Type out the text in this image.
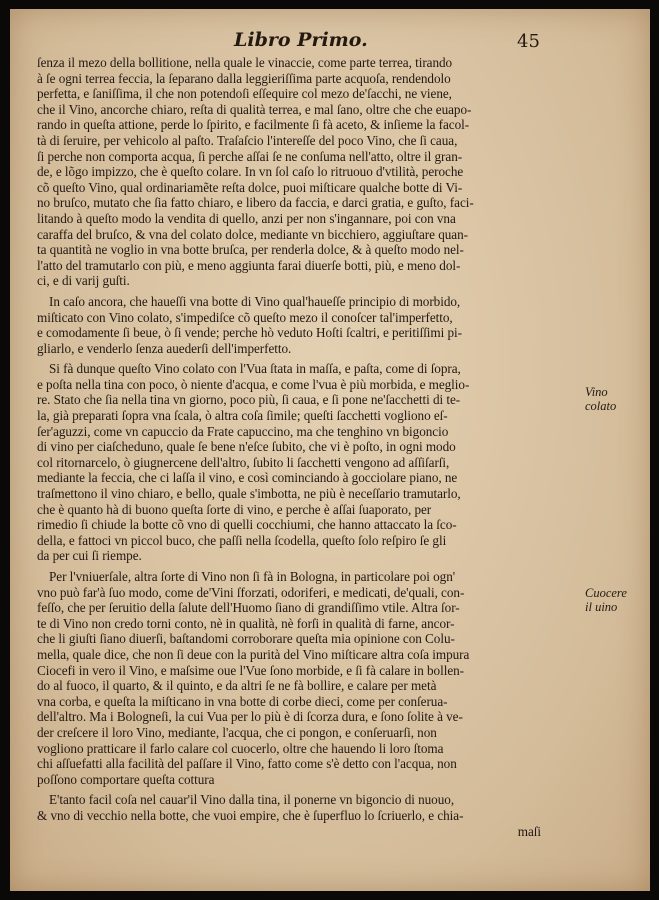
Libro Primo.	45
ſenza il mezo della bollitione, nella quale le vinaccie, come parte terrea, tirando
à ſe ogni terrea feccia, la ſeparano dalla leggieriſſima parte acquoſa, rendendolo
perfetta, e ſaniſſima, il che non potendoſi eſſequire col mezo de'ſacchi, ne viene,
che il Vino, ancorche chiaro, reſta di qualità terrea, e mal ſano, oltre che che euapo-
rando in queſta attione, perde lo ſpirito, e facilmente ſi fà aceto, & inſieme la facol-
tà di ſeruire, per vehicolo al paſto. Traſaſcio l'intereſſe del poco Vino, che ſi caua,
ſi perche non comporta acqua, ſi perche aſſai ſe ne conſuma nell'atto, oltre il gran-
de, e lõgo impizzo, che è queſto colare. In vn ſol caſo lo ritruouo d'vtilità, peroche
cõ queſto Vino, qual ordinariamẽte reſta dolce, puoi miſticare qualche botte di Vi-
no bruſco, mutato che ſia fatto chiaro, e libero da faccia, e darci gratia, e guſto, faci-
litando à queſto modo la vendita di quello, anzi per non s'ingannare, poi con vna
caraffa del bruſco, & vna del colato dolce, mediante vn bicchiero, aggiuſtare quan-
ta quantità ne voglio in vna botte bruſca, per renderla dolce, & à queſto modo nel-
l'atto del tramutarlo con più, e meno aggiunta farai diuerſe botti, più, e meno dol-
ci, e di varij guſti.
In caſo ancora, che haueſſi vna botte di Vino qual'haueſſe principio di morbido,
miſticato con Vino colato, s'impediſce cõ queſto mezo il conoſcer tal'imperfetto,
e comodamente ſi beue, ò ſi vende; perche hò veduto Hoſti ſcaltri, e peritiſſimi pi-
gliarlo, e venderlo ſenza auederſi dell'imperfetto.
Si fà dunque queſto Vino colato con l'Vua ſtata in maſſa, e paſta, come di ſopra,
e poſta nella tina con poco, ò niente d'acqua, e come l'vua è più morbida, e meglio-
re. Stato che ſia nella tina vn giorno, poco più, ſi caua, e ſi pone ne'ſacchetti di te-
la, già preparati ſopra vna ſcala, ò altra coſa ſimile; queſti ſacchetti vogliono eſ-
ſer'aguzzi, come vn capuccio da Frate capuccino, ma che tenghino vn bigoncio
di vino per ciaſcheduno, quale ſe bene n'eſce ſubito, che vi è poſto, in ogni modo
col ritornarcelo, ò giugnercene dell'altro, ſubito li ſacchetti vengono ad aſſiſarſi,
mediante la feccia, che ci laſſa il vino, e così cominciando à gocciolare piano, ne
traſmettono il vino chiaro, e bello, quale s'imbotta, ne più è neceſſario tramutarlo,
che è quanto hà di buono queſta ſorte di vino, e perche è aſſai ſuaporato, per
rimedio ſi chiude la botte cõ vno di quelli cocchiumi, che hanno attaccato la ſco-
della, e fattoci vn piccol buco, che paſſi nella ſcodella, queſto ſolo reſpiro ſe gli
da per cui ſi riempe.
Per l'vniuerſale, altra ſorte di Vino non ſi fà in Bologna, in particolare poi ogn'
vno può far'à ſuo modo, come de'Vini ſforzati, odoriferi, e medicati, de'quali, con-
feſſo, che per ſeruitio della ſalute dell'Huomo ſiano di grandiſſimo vtile. Altra ſor-
te di Vino non credo torni conto, nè in qualità, nè forſi in qualità di farne, ancor-
che li giuſti ſiano diuerſi, baſtandomi corroborare queſta mia opinione con Colu-
mella, quale dice, che non ſi deue con la purità del Vino miſticare altra coſa impura
Ciocefi in vero il Vino, e maſsime oue l'Vue ſono morbide, e ſi fà calare in bollen-
do al fuoco, il quarto, & il quinto, e da altri ſe ne fà bollire, e calare per metà
vna corba, e queſta la miſticano in vna botte di corbe dieci, come per conſerua-
dell'altro. Ma i Bologneſi, la cui Vua per lo più è di ſcorza dura, e ſono ſolite à ve-
der creſcere il loro Vino, mediante, l'acqua, che ci pongon, e conſeruarſi, non
vogliono pratticare il farlo calare col cuocerlo, oltre che hauendo li loro ſtoma
chi aſſuefatti alla facilità del paſſare il Vino, fatto come s'è detto con l'acqua, non
poſſono comportare queſta cottura
E'tanto facil coſa nel cauar'il Vino dalla tina, il ponerne vn bigoncio di nuouo,
& vno di vecchio nella botte, che vuoi empire, che è ſuperfluo lo ſcriuerlo, e chia-
maſi
Vino
colato
Cuocere
il uino
